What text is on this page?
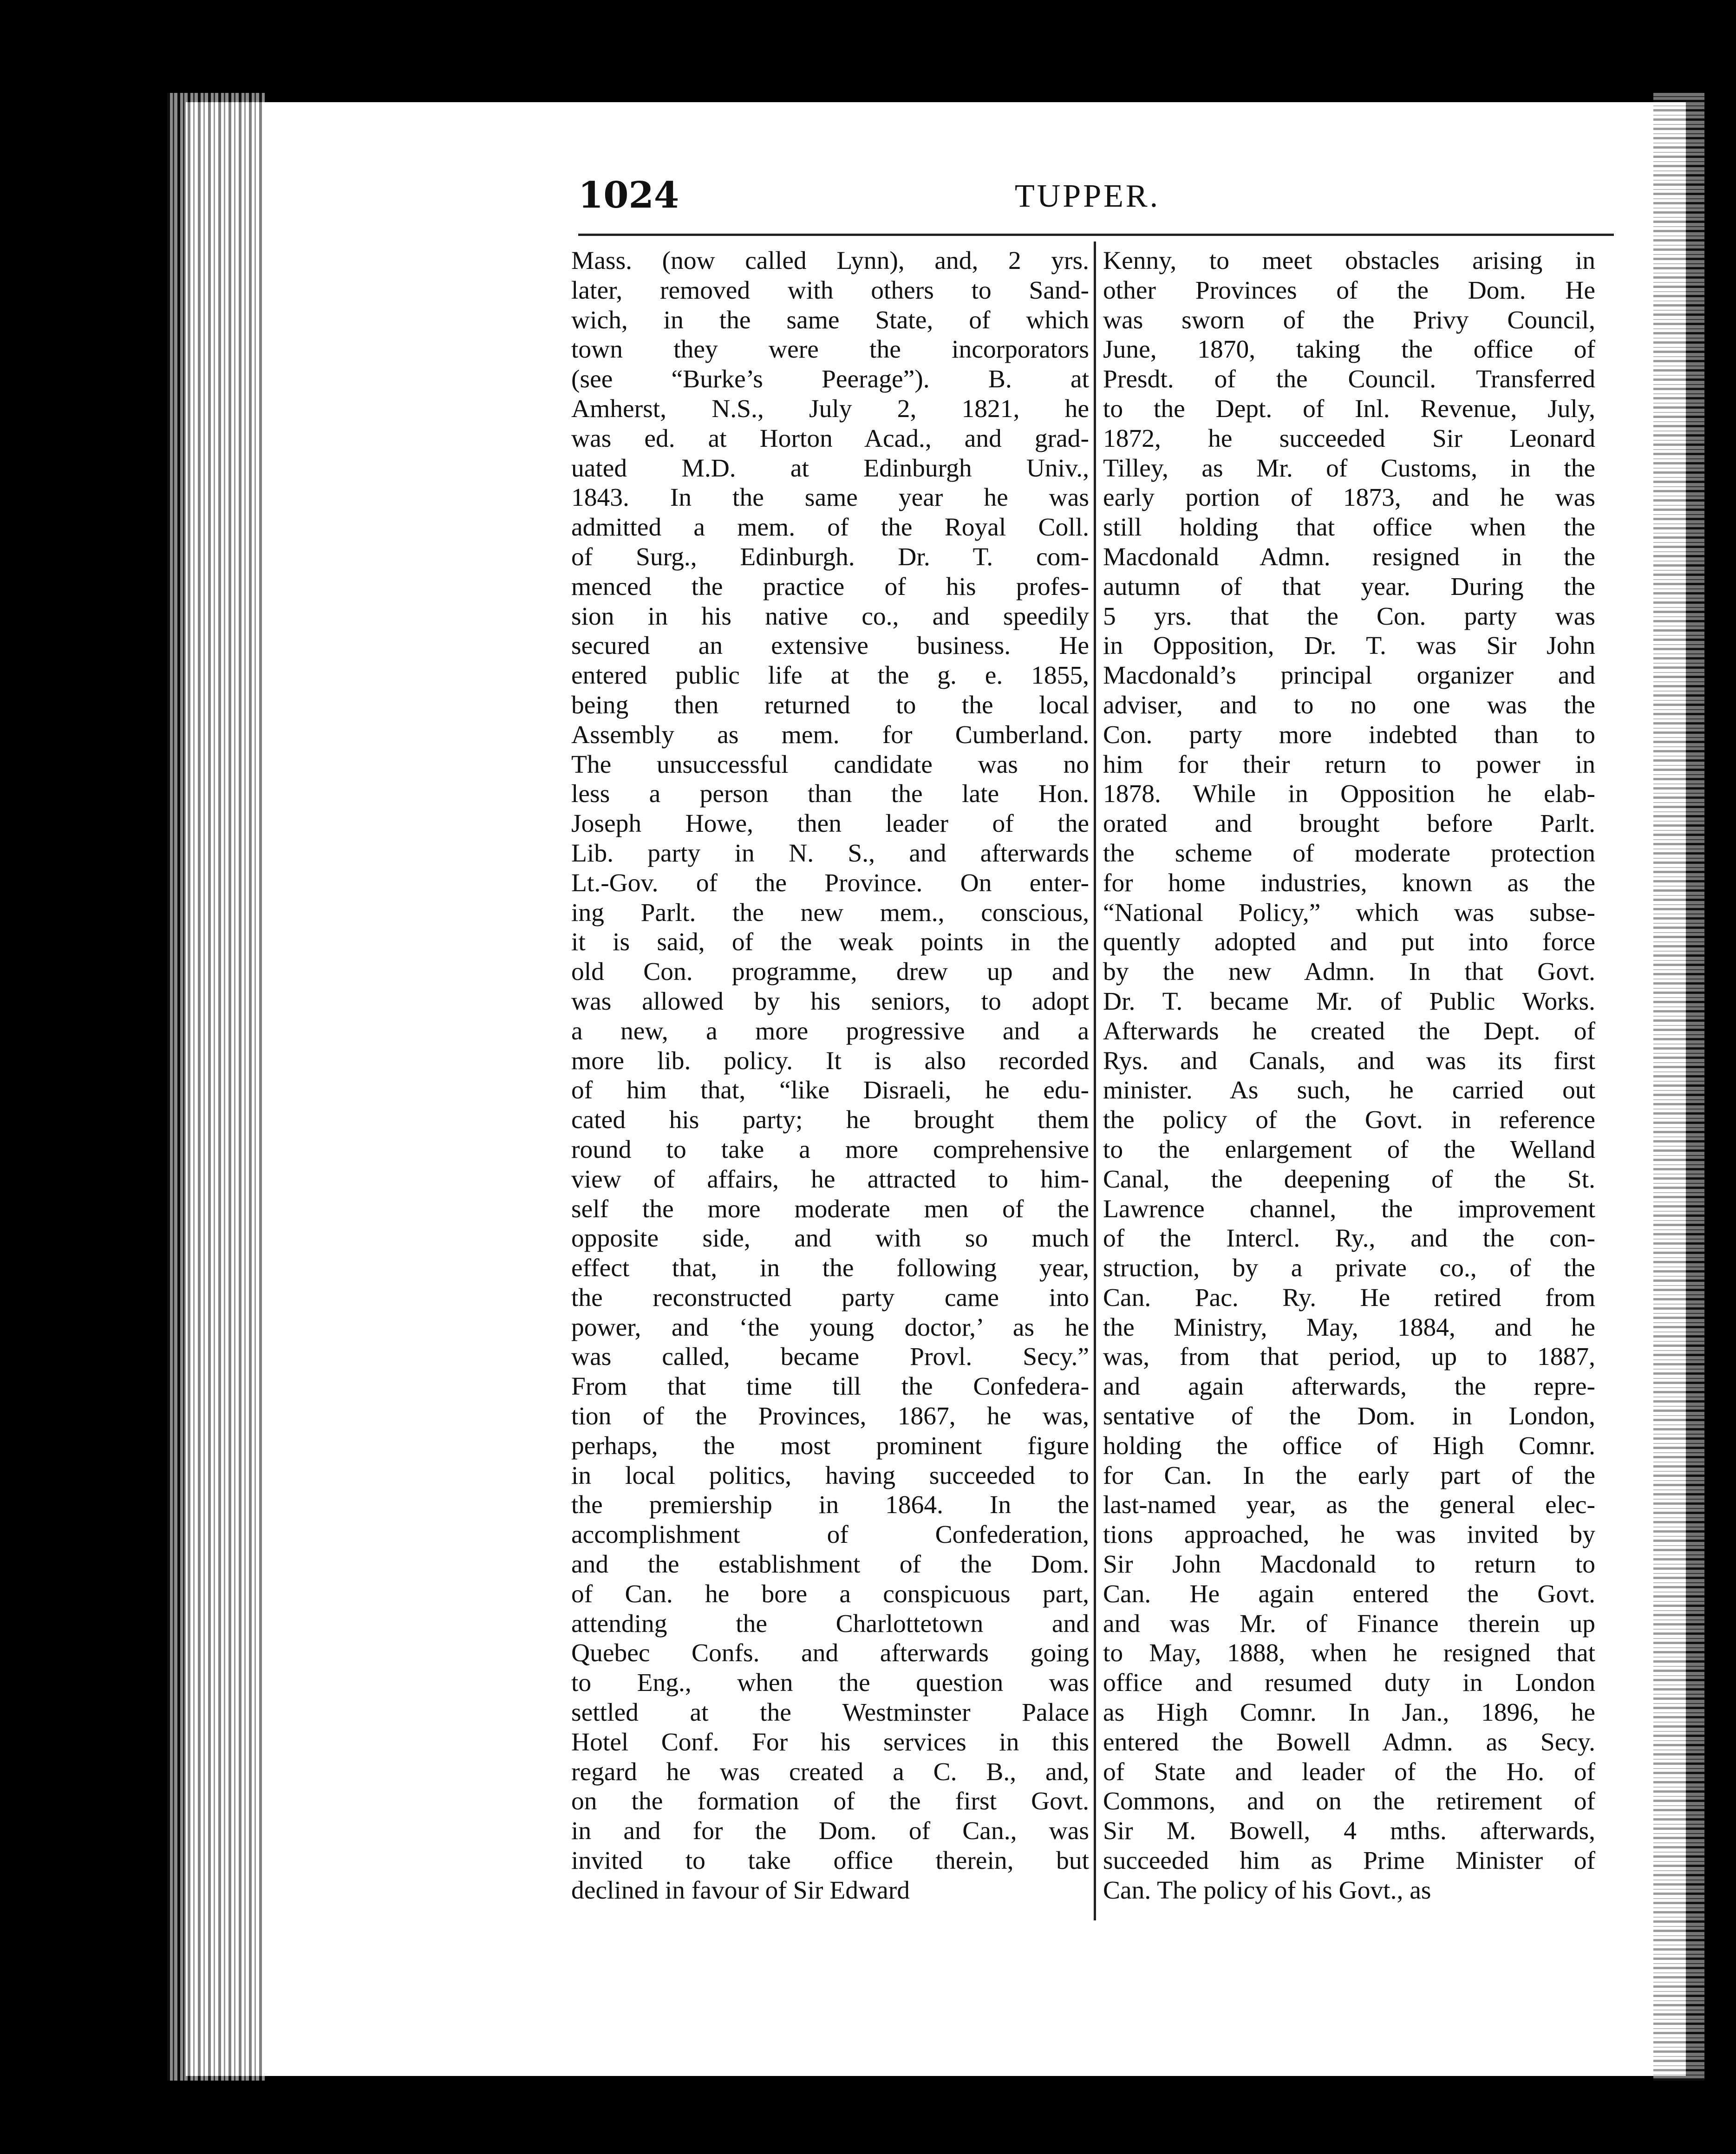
1024	TUPPER.
Mass. (now called Lynn), and, 2 yrs.
later, removed with others to Sand-
wich, in the same State, of which
town they were the incorporators
(see “Burke’s Peerage”). B. at
Amherst, N.S., July 2, 1821, he
was ed. at Horton Acad., and grad-
uated M.D. at Edinburgh Univ.,
1843. In the same year he was
admitted a mem. of the Royal Coll.
of Surg., Edinburgh. Dr. T. com-
menced the practice of his profes-
sion in his native co., and speedily
secured an extensive business. He
entered public life at the g. e. 1855,
being then returned to the local
Assembly as mem. for Cumberland.
The unsuccessful candidate was no
less a person than the late Hon.
Joseph Howe, then leader of the
Lib. party in N. S., and afterwards
Lt.-Gov. of the Province. On enter-
ing Parlt. the new mem., conscious,
it is said, of the weak points in the
old Con. programme, drew up and
was allowed by his seniors, to adopt
a new, a more progressive and a
more lib. policy. It is also recorded
of him that, “like Disraeli, he edu-
cated his party; he brought them
round to take a more comprehensive
view of affairs, he attracted to him-
self the more moderate men of the
opposite side, and with so much
effect that, in the following year,
the reconstructed party came into
power, and ‘the young doctor,’ as he
was called, became Provl. Secy.”
From that time till the Confedera-
tion of the Provinces, 1867, he was,
perhaps, the most prominent figure
in local politics, having succeeded to
the premiership in 1864. In the
accomplishment of Confederation,
and the establishment of the Dom.
of Can. he bore a conspicuous part,
attending the Charlottetown and
Quebec Confs. and afterwards going
to Eng., when the question was
settled at the Westminster Palace
Hotel Conf. For his services in this
regard he was created a C. B., and,
on the formation of the first Govt.
in and for the Dom. of Can., was
invited to take office therein, but
declined in favour of Sir Edward
Kenny, to meet obstacles arising in
other Provinces of the Dom. He
was sworn of the Privy Council,
June, 1870, taking the office of
Presdt. of the Council. Transferred
to the Dept. of Inl. Revenue, July,
1872, he succeeded Sir Leonard
Tilley, as Mr. of Customs, in the
early portion of 1873, and he was
still holding that office when the
Macdonald Admn. resigned in the
autumn of that year. During the
5 yrs. that the Con. party was
in Opposition, Dr. T. was Sir John
Macdonald’s principal organizer and
adviser, and to no one was the
Con. party more indebted than to
him for their return to power in
1878. While in Opposition he elab-
orated and brought before Parlt.
the scheme of moderate protection
for home industries, known as the
“National Policy,” which was subse-
quently adopted and put into force
by the new Admn. In that Govt.
Dr. T. became Mr. of Public Works.
Afterwards he created the Dept. of
Rys. and Canals, and was its first
minister. As such, he carried out
the policy of the Govt. in reference
to the enlargement of the Welland
Canal, the deepening of the St.
Lawrence channel, the improvement
of the Intercl. Ry., and the con-
struction, by a private co., of the
Can. Pac. Ry. He retired from
the Ministry, May, 1884, and he
was, from that period, up to 1887,
and again afterwards, the repre-
sentative of the Dom. in London,
holding the office of High Comnr.
for Can. In the early part of the
last-named year, as the general elec-
tions approached, he was invited by
Sir John Macdonald to return to
Can. He again entered the Govt.
and was Mr. of Finance therein up
to May, 1888, when he resigned that
office and resumed duty in London
as High Comnr. In Jan., 1896, he
entered the Bowell Admn. as Secy.
of State and leader of the Ho. of
Commons, and on the retirement of
Sir M. Bowell, 4 mths. afterwards,
succeeded him as Prime Minister of
Can. The policy of his Govt., as
